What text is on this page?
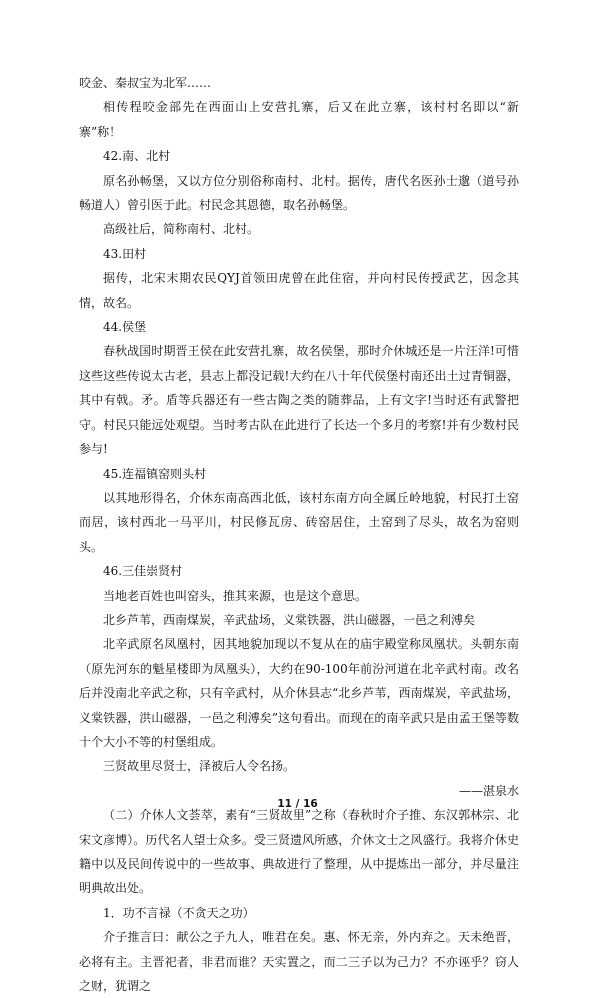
咬金、秦叔宝为北军……

相传程咬金部先在西面山上安营扎寨，后又在此立寨，该村村名即以“新寨”称！

42.南、北村

原名孙畅堡，又以方位分别俗称南村、北村。据传，唐代名医孙士邈（道号孙畅道人）曾引医于此。村民念其恩德，取名孙畅堡。

高级社后，简称南村、北村。

43.田村

据传，北宋末期农民QYJ首领田虎曾在此住宿，并向村民传授武艺，因念其情，故名。

44.侯堡

春秋战国时期晋王侯在此安营扎寨，故名侯堡，那时介休城还是一片汪洋!可惜这些这些传说太古老，县志上都没记载!大约在八十年代侯堡村南还出土过青铜器，其中有戟。矛。盾等兵器还有一些古陶之类的随葬品，上有文字!当时还有武警把守。村民只能远处观望。当时考古队在此进行了长达一个多月的考察!并有少数村民参与!

45.连福镇窑则头村

以其地形得名，介休东南高西北低，该村东南方向全属丘岭地貌，村民打土窑而居，该村西北一马平川，村民修瓦房、砖窑居住，土窑到了尽头，故名为窑则头。

46.三佳崇贤村

当地老百姓也叫窑头，推其来源，也是这个意思。

北乡芦苇，西南煤炭，辛武盐场，义棠铁器，洪山磁器，一邑之利溥矣

北辛武原名凤凰村，因其地貌加现以不复从在的庙宇殿堂称凤凰状。头朝东南（原先河东的魁星楼即为凤凰头），大约在90-100年前汾河道在北辛武村南。改名后并没南北辛武之称，只有辛武村，从介休县志“北乡芦苇，西南煤炭，辛武盐场，义棠铁器，洪山磁器，一邑之利溥矣”这句看出。而现在的南辛武只是由孟王堡等数十个大小不等的村堡组成。

三贤故里尽贤士，泽被后人令名扬。

——湛泉水

（二）介休人文荟萃，素有“三贤故里”之称（春秋时介子推、东汉郭林宗、北宋文彦博）。历代名人望士众多。受三贤遗风所感，介休文士之风盛行。我将介休史籍中以及民间传说中的一些故事、典故进行了整理，从中提炼出一部分，并尽量注明典故出处。

1．功不言禄（不贪天之功）

介子推言曰：献公之子九人，唯君在矣。惠、怀无亲，外内弃之。天未绝晋，必将有主。主晋祀者，非君而谁？天实置之，而二三子以为己力？不亦诬乎？窃人之财，犹谓之

11 / 16
